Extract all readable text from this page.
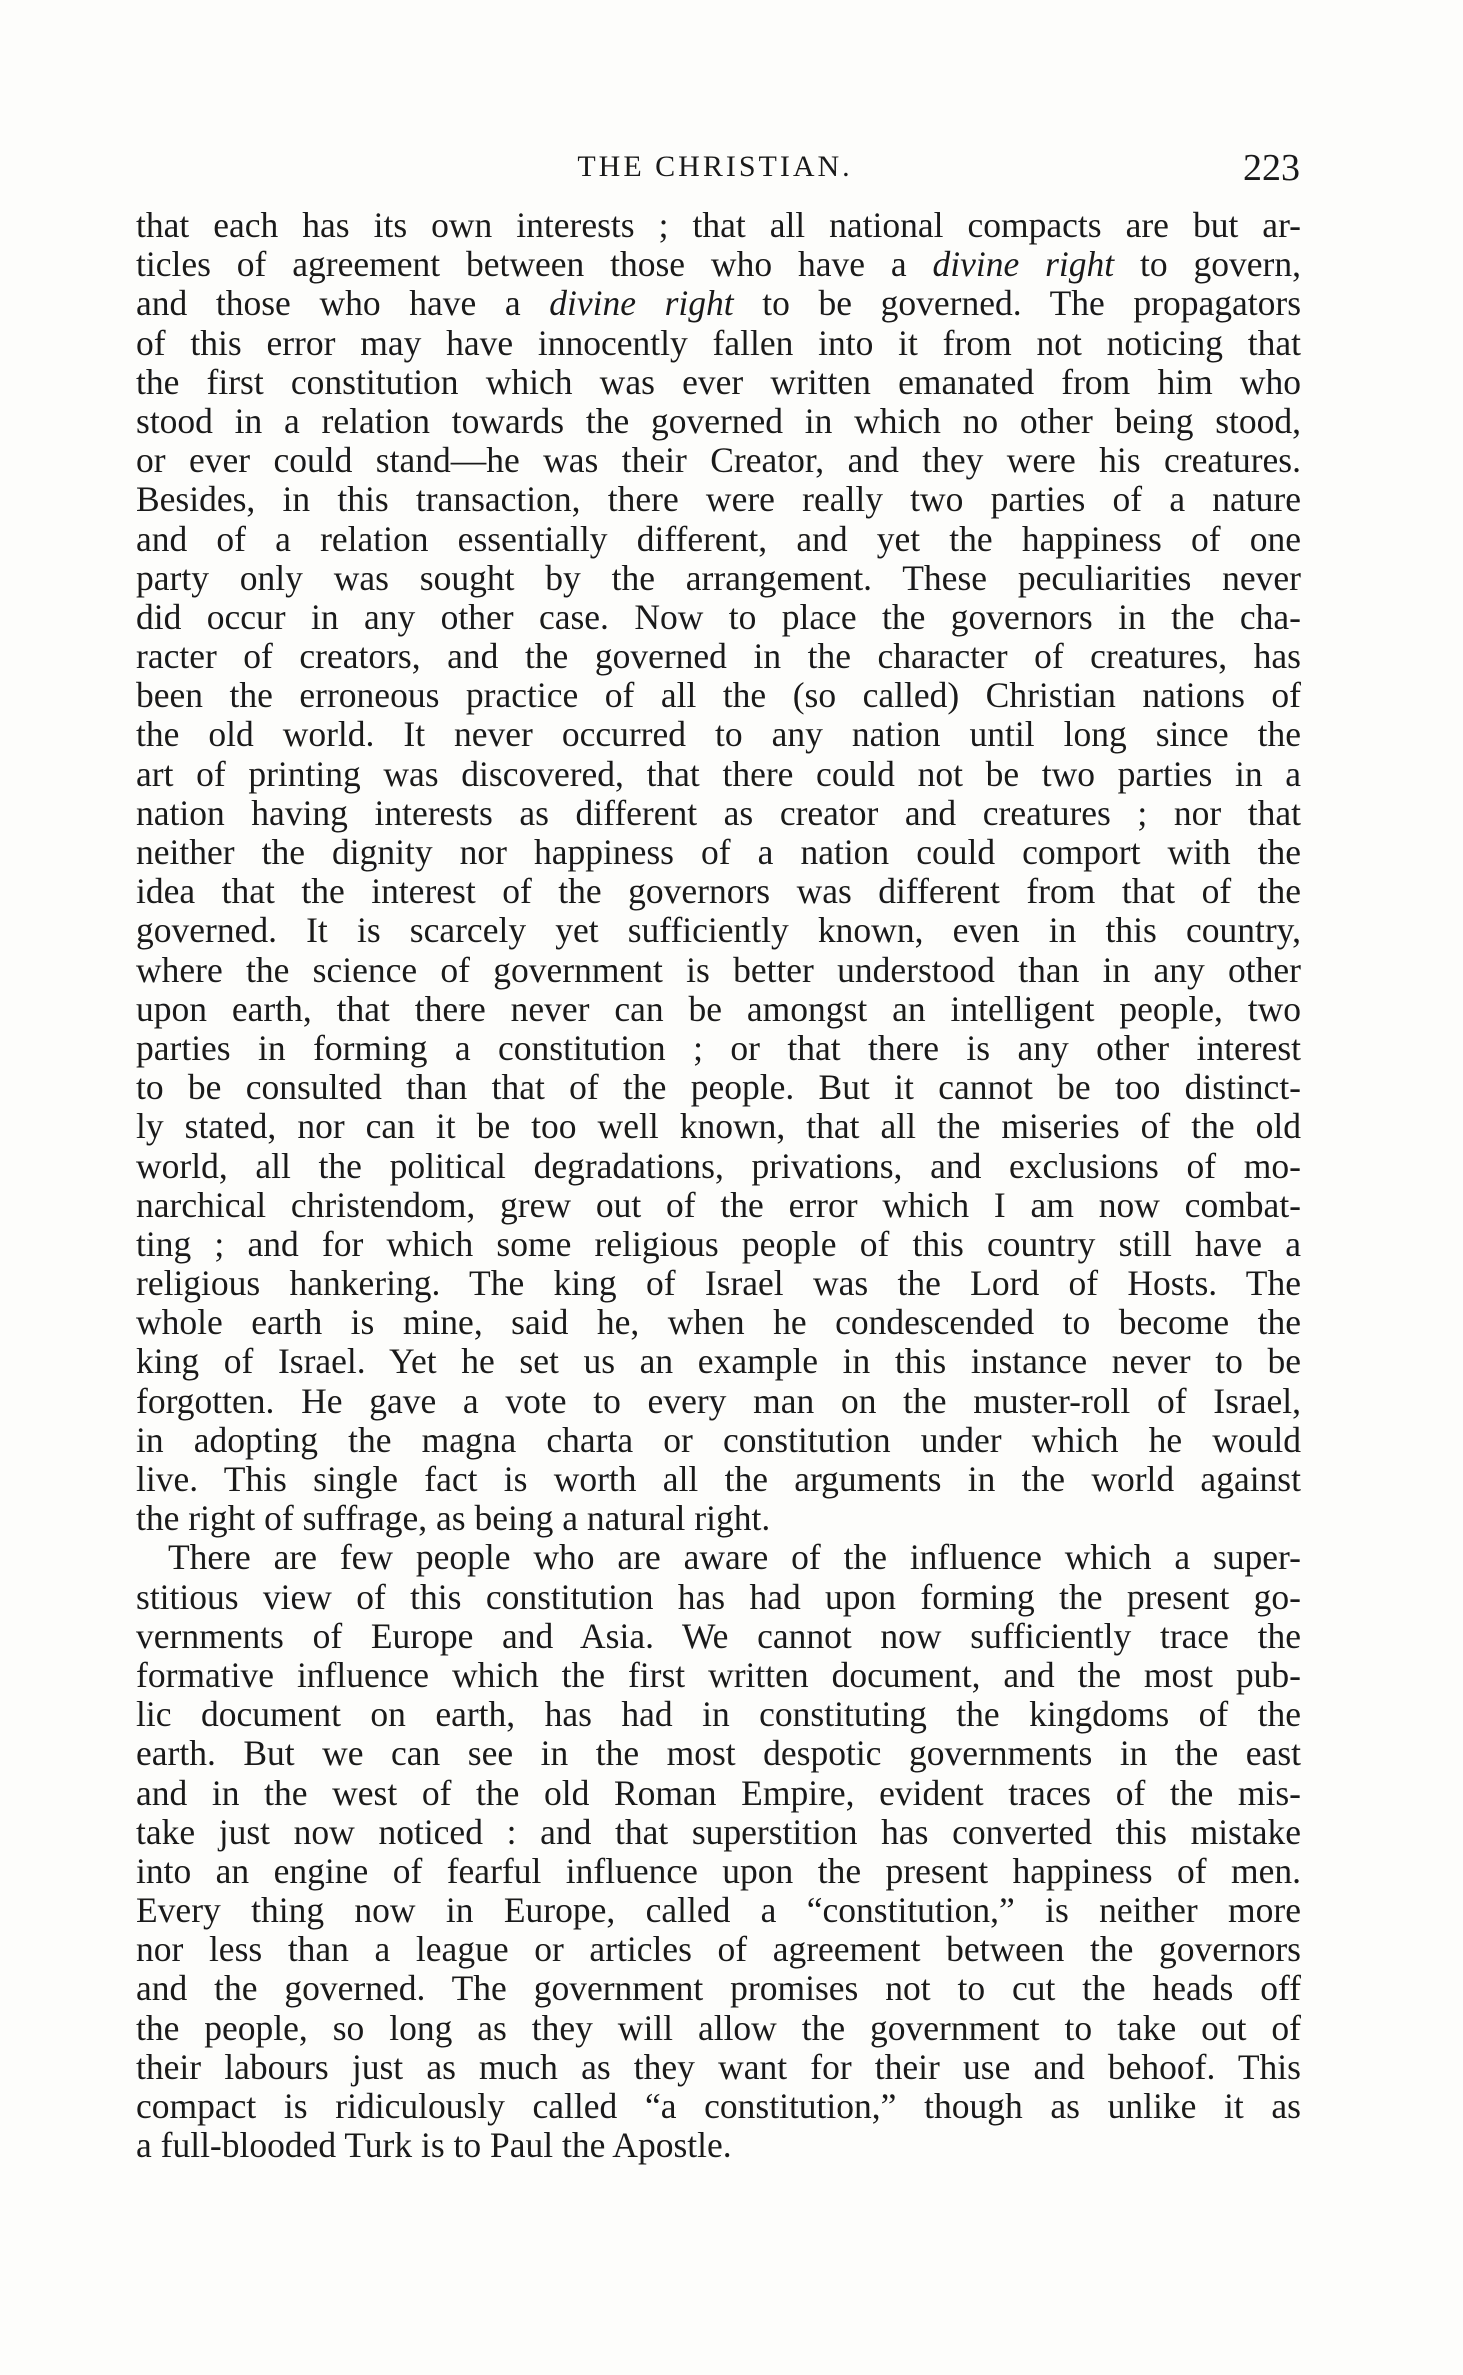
THE CHRISTIAN.	223
that each has its own interests ; that all national compacts are but ar-
ticles of agreement between those who have a divine right to govern,
and those who have a divine right to be governed. The propagators
of this error may have innocently fallen into it from not noticing that
the first constitution which was ever written emanated from him who
stood in a relation towards the governed in which no other being stood,
or ever could stand—he was their Creator, and they were his creatures.
Besides, in this transaction, there were really two parties of a nature
and of a relation essentially different, and yet the happiness of one
party only was sought by the arrangement. These peculiarities never
did occur in any other case. Now to place the governors in the cha-
racter of creators, and the governed in the character of creatures, has
been the erroneous practice of all the (so called) Christian nations of
the old world. It never occurred to any nation until long since the
art of printing was discovered, that there could not be two parties in a
nation having interests as different as creator and creatures ; nor that
neither the dignity nor happiness of a nation could comport with the
idea that the interest of the governors was different from that of the
governed. It is scarcely yet sufficiently known, even in this country,
where the science of government is better understood than in any other
upon earth, that there never can be amongst an intelligent people, two
parties in forming a constitution ; or that there is any other interest
to be consulted than that of the people. But it cannot be too distinct-
ly stated, nor can it be too well known, that all the miseries of the old
world, all the political degradations, privations, and exclusions of mo-
narchical christendom, grew out of the error which I am now combat-
ting ; and for which some religious people of this country still have a
religious hankering. The king of Israel was the Lord of Hosts. The
whole earth is mine, said he, when he condescended to become the
king of Israel. Yet he set us an example in this instance never to be
forgotten. He gave a vote to every man on the muster-roll of Israel,
in adopting the magna charta or constitution under which he would
live. This single fact is worth all the arguments in the world against
the right of suffrage, as being a natural right.
There are few people who are aware of the influence which a super-
stitious view of this constitution has had upon forming the present go-
vernments of Europe and Asia. We cannot now sufficiently trace the
formative influence which the first written document, and the most pub-
lic document on earth, has had in constituting the kingdoms of the
earth. But we can see in the most despotic governments in the east
and in the west of the old Roman Empire, evident traces of the mis-
take just now noticed : and that superstition has converted this mistake
into an engine of fearful influence upon the present happiness of men.
Every thing now in Europe, called a “constitution,” is neither more
nor less than a league or articles of agreement between the governors
and the governed. The government promises not to cut the heads off
the people, so long as they will allow the government to take out of
their labours just as much as they want for their use and behoof. This
compact is ridiculously called “a constitution,” though as unlike it as
a full-blooded Turk is to Paul the Apostle.
